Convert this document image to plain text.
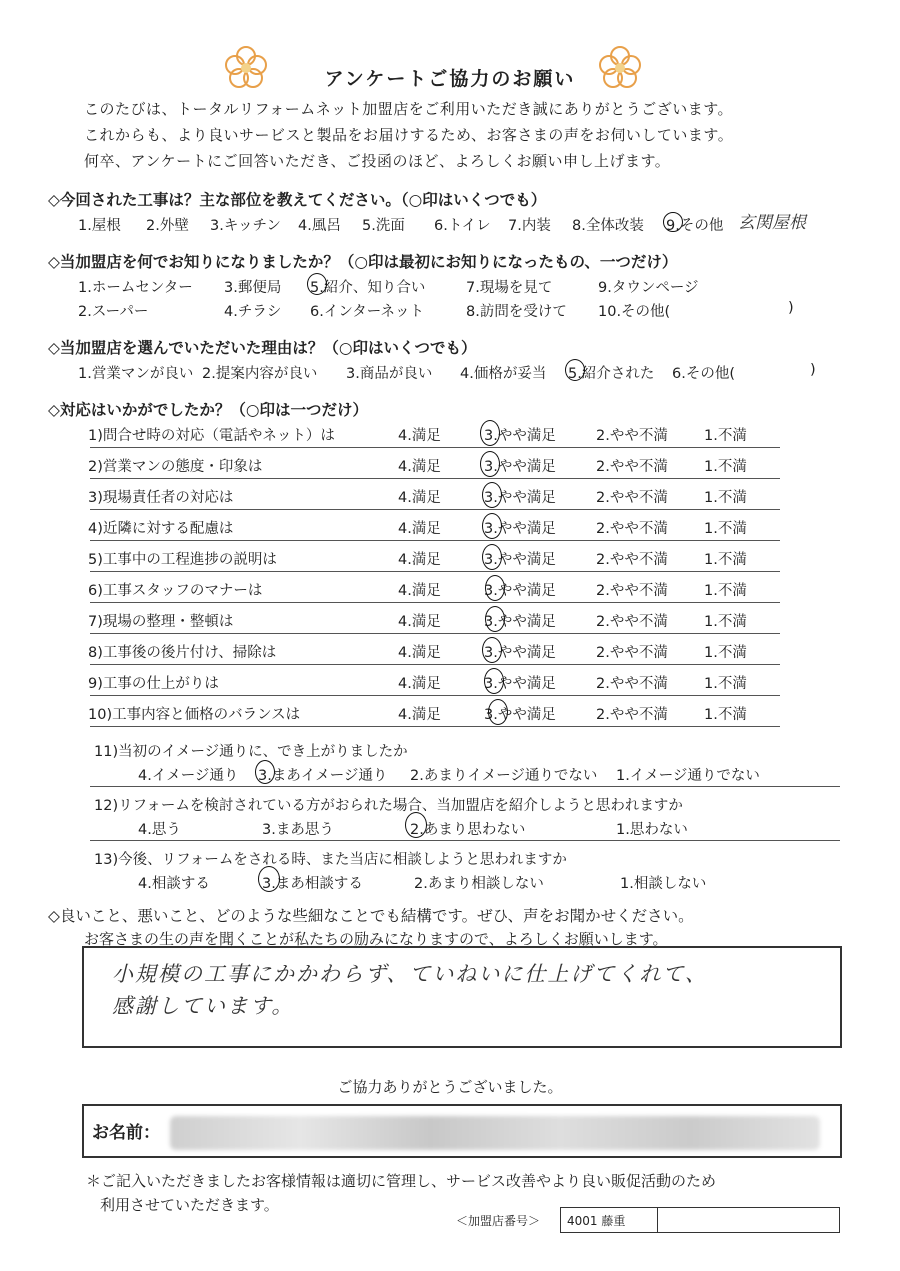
アンケートご協力のお願い
このたびは、トータルリフォームネット加盟店をご利用いただき誠にありがとうございます。
これからも、より良いサービスと製品をお届けするため、お客さまの声をお伺いしています。
何卒、アンケートにご回答いただき、ご投函のほど、よろしくお願い申し上げます。
◇今回された工事は？主な部位を教えてください。（○印はいくつでも）
1.屋根 2.外壁 3.キッチン 4.風呂 5.洗面 6.トイレ 7.内装 8.全体改装 9.その他 玄関屋根
◇当加盟店を何でお知りになりましたか？（○印は最初にお知りになったもの、一つだけ）
1.ホームセンター 3.郵便局 5.紹介、知り合い	7.現場を見て	9.タウンページ
2.スーパー	4.チラシ 6.インターネット	8.訪問を受けて 10.その他(	)
◇当加盟店を選んでいただいた理由は？（○印はいくつでも）
1.営業マンが良い 2.提案内容が良い 3.商品が良い 4.価格が妥当 5.紹介された 6.その他(	)
◇対応はいかがでしたか？（○印は一つだけ）
1)問合せ時の対応（電話やネット）は	4.満足	3.やや満足	2.やや不満 1.不満
2)営業マンの態度・印象は	4.満足	3.やや満足	2.やや不満 1.不満
3)現場責任者の対応は	4.満足	3.やや満足	2.やや不満 1.不満
4)近隣に対する配慮は	4.満足	3.やや満足	2.やや不満 1.不満
5)工事中の工程進捗の説明は	4.満足	3.やや満足	2.やや不満 1.不満
6)工事スタッフのマナーは	4.満足	3.やや満足	2.やや不満 1.不満
7)現場の整理・整頓は	4.満足	3.やや満足	2.やや不満 1.不満
8)工事後の後片付け、掃除は	4.満足	3.やや満足	2.やや不満 1.不満
9)工事の仕上がりは	4.満足	3.やや満足	2.やや不満 1.不満
10)工事内容と価格のバランスは	4.満足	3.やや満足	2.やや不満 1.不満
11)当初のイメージ通りに、でき上がりましたか
4.イメージ通り 3.まあイメージ通り 2.あまりイメージ通りでない 1.イメージ通りでない
12)リフォームを検討されている方がおられた場合、当加盟店を紹介しようと思われますか
4.思う	3.まあ思う	2.あまり思わない	1.思わない
13)今後、リフォームをされる時、また当店に相談しようと思われますか
4.相談する	3.まあ相談する	2.あまり相談しない	1.相談しない
◇良いこと、悪いこと、どのような些細なことでも結構です。ぜひ、声をお聞かせください。
お客さまの生の声を聞くことが私たちの励みになりますので、よろしくお願いします。
小規模の工事にかかわらず、ていねいに仕上げてくれて、
感謝しています。
ご協力ありがとうございました。
お名前：
＊ご記入いただきましたお客様情報は適切に管理し、サービス改善やより良い販促活動のため
利用させていただきます。
＜加盟店番号＞	4001 藤重
